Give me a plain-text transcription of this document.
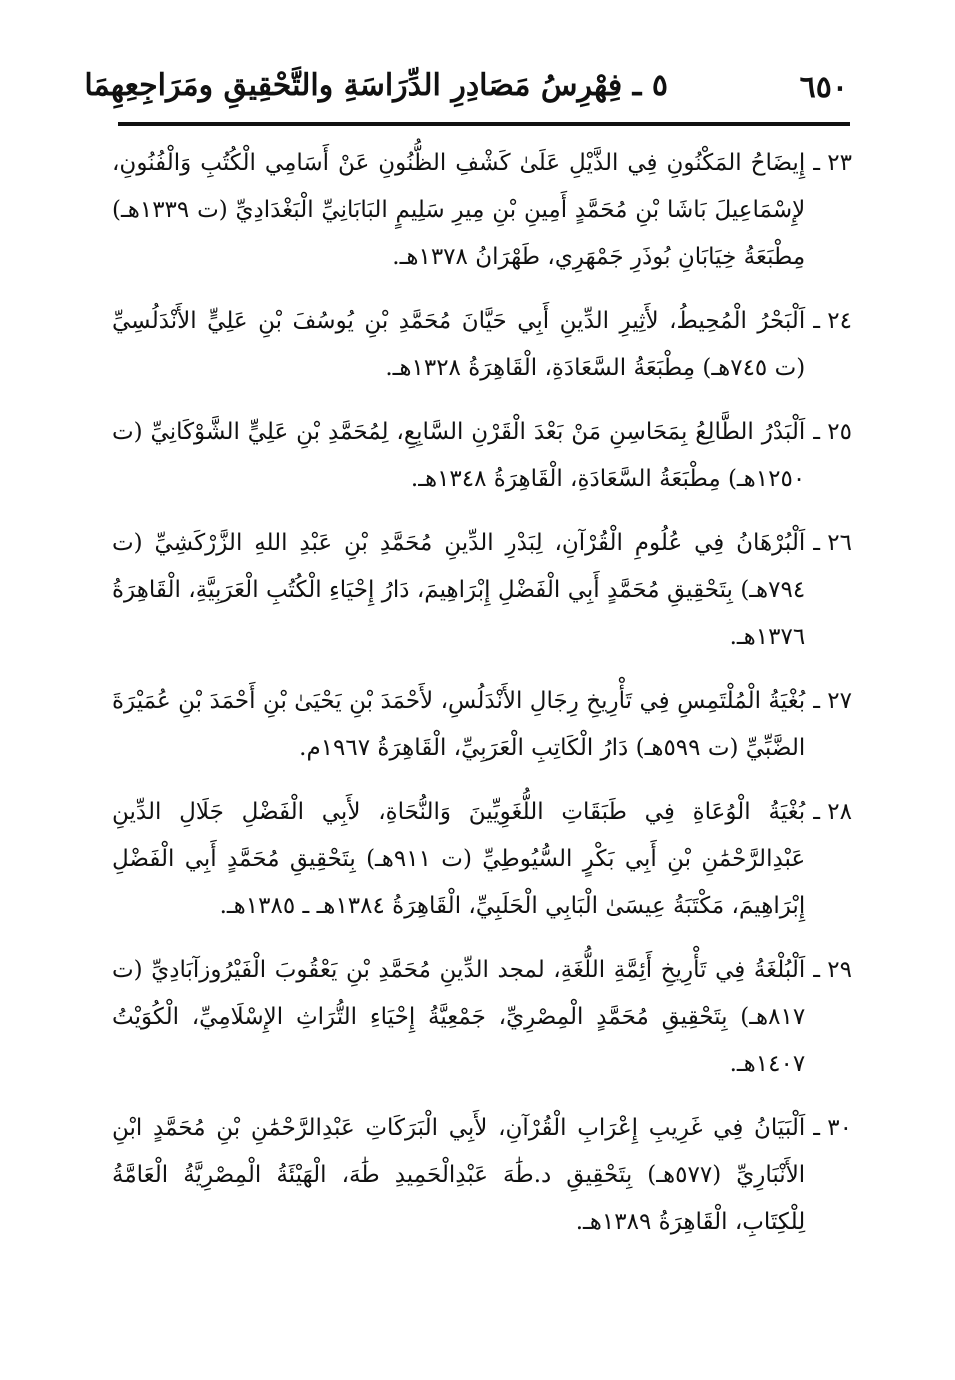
٦٥٠
٥ ـ فِهْرِسُ مَصَادِرِ الدِّرَاسَةِ والتَّحْقِيقِ ومَرَاجِعِهِمَا
٢٣ ـ
إِيضَاحُ المَكْنُونِ فِي الذَّيْلِ عَلَىٰ كَشْفِ الظُّنُونِ عَنْ أَسَامِي الْكُتُبِ وَالْفُنُونِ، لإِسْمَاعِيلَ بَاشَا بْنِ مُحَمَّدٍ أَمِينِ بْنِ مِيرِ سَلِيمٍ البَابَانِيِّ الْبَغْدَادِيِّ (ت ١٣٣٩هـ) مِطْبَعَةُ خِيَابَانِ بُوذَرِ جَمْهَرِي، طَهْرَانُ ١٣٧٨هـ.
٢٤ ـ
اَلْبَحْرُ الْمُحِيطُ، لأَثِيرِ الدِّينِ أَبِي حَيَّانَ مُحَمَّدِ بْنِ يُوسُفَ بْنِ عَلِيٍّ الأَنْدَلُسِيِّ (ت ٧٤٥هـ) مِطْبَعَةُ السَّعَادَةِ، الْقَاهِرَةُ ١٣٢٨هـ.
٢٥ ـ
اَلْبَدْرُ الطَّالِعُ بِمَحَاسِنِ مَنْ بَعْدَ الْقَرْنِ السَّابِعِ، لِمُحَمَّدِ بْنِ عَلِيٍّ الشَّوْكَانِيِّ (ت ١٢٥٠هـ) مِطْبَعَةُ السَّعَادَةِ، الْقَاهِرَةُ ١٣٤٨هـ.
٢٦ ـ
اَلْبُرْهَانُ فِي عُلُومِ الْقُرْآنِ، لِبَدْرِ الدِّينِ مُحَمَّدِ بْنِ عَبْدِ اللهِ الزَّرْكَشِيِّ (ت ٧٩٤هـ) بِتَحْقِيقِ مُحَمَّدٍ أَبِي الْفَضْلِ إِبْرَاهِيمَ، دَارُ إِحْيَاءِ الْكُتُبِ الْعَرَبِيَّةِ، الْقَاهِرَةُ ١٣٧٦هـ.
٢٧ ـ
بُغْيَةُ الْمُلْتَمِسِ فِي تَأْرِيخِ رِجَالِ الأَنْدَلُسِ، لأَحْمَدَ بْنِ يَحْيَىٰ بْنِ أَحْمَدَ بْنِ عُمَيْرَةَ الضَّبِّيِّ (ت ٥٩٩هـ) دَارُ الْكَاتِبِ الْعَرَبِيِّ، الْقَاهِرَةُ ١٩٦٧م.
٢٨ ـ
بُغْيَةُ الْوُعَاةِ فِي طَبَقَاتِ اللُّغَوِيِّينَ وَالنُّحَاةِ، لأَبِي الْفَضْلِ جَلَالِ الدِّينِ عَبْدِالرَّحْمَٰنِ بْنِ أَبِي بَكْرٍ السُّيُوطِيِّ (ت ٩١١هـ) بِتَحْقِيقِ مُحَمَّدٍ أَبِي الْفَضْلِ إِبْرَاهِيمَ، مَكْتَبَةُ عِيسَىٰ الْبَابِي الْحَلَبِيِّ، الْقَاهِرَةُ ١٣٨٤هـ ـ ١٣٨٥هـ.
٢٩ ـ
اَلْبُلْغَةُ فِي تَأْرِيخِ أَئِمَّةِ اللُّغَةِ، لمجد الدِّينِ مُحَمَّدِ بْنِ يَعْقُوبَ الْفَيْرُوزآبَادِيِّ (ت ٨١٧هـ) بِتَحْقِيقِ مُحَمَّدٍ الْمِصْرِيِّ، جَمْعِيَّةُ إِحْيَاءِ التُّرَاثِ الإِسْلَامِيِّ، الْكُوَيْتُ ١٤٠٧هـ.
٣٠ ـ
اَلْبَيَانُ فِي غَرِيبِ إِعْرَابِ الْقُرْآنِ، لأَبِي الْبَرَكَاتِ عَبْدِالرَّحْمَٰنِ بْنِ مُحَمَّدٍ ابْنِ الأَنْبَارِيِّ (٥٧٧هـ) بِتَحْقِيقِ د.طَٰهَ عَبْدِالْحَمِيدِ طَٰهَ، الْهَيْئَةُ الْمِصْرِيَّةُ الْعَامَّةُ لِلْكِتَابِ، الْقَاهِرَةُ ١٣٨٩هـ.
